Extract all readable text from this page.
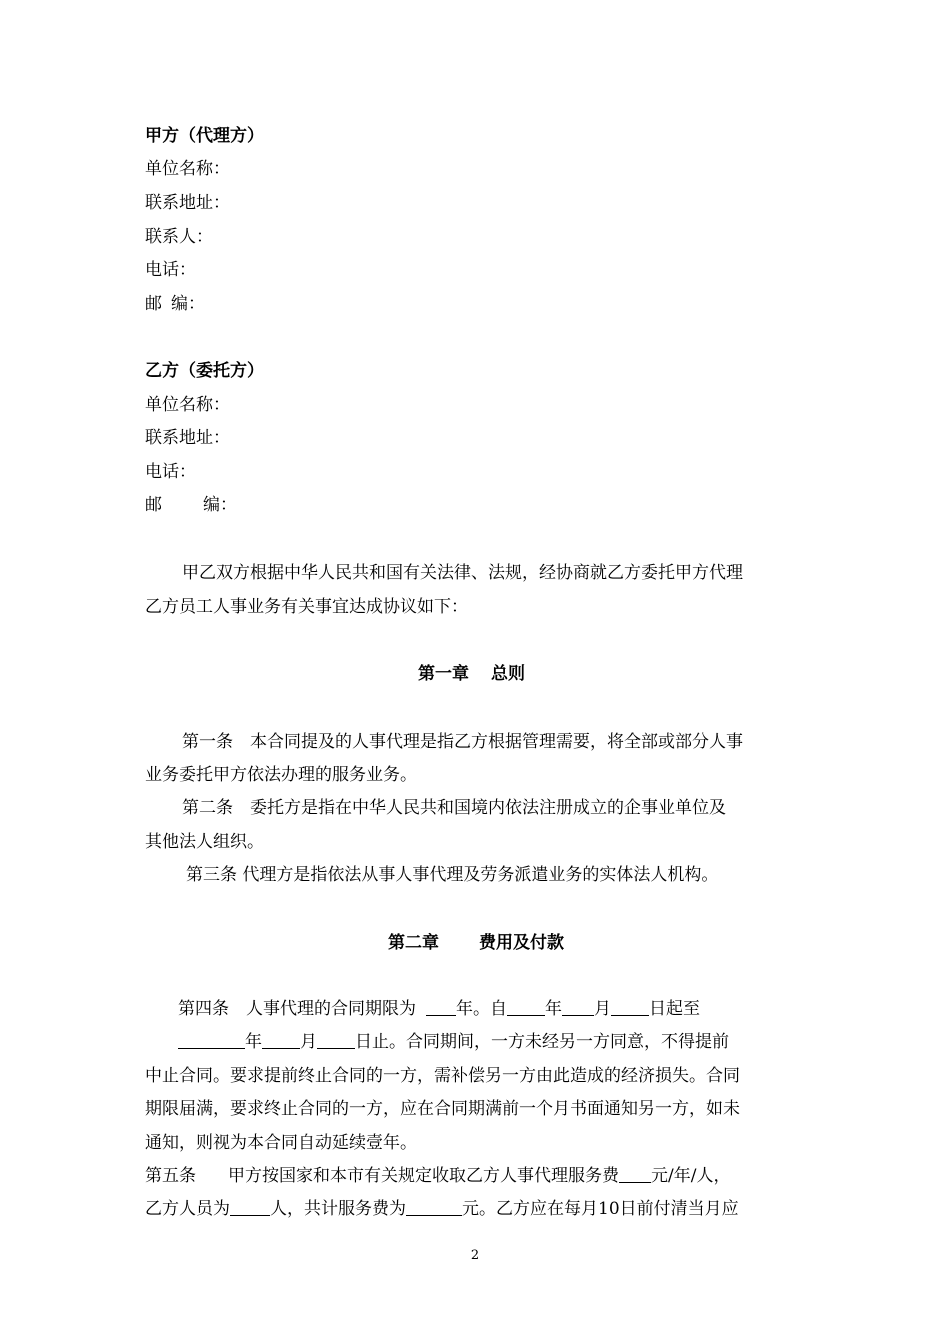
甲方（代理方）
单位名称：
联系地址：
联系人：
电话：
邮 编：
乙方（委托方）
单位名称：
联系地址：
电话：
邮 编：
甲乙双方根据中华人民共和国有关法律、法规，经协商就乙方委托甲方代理
乙方员工人事业务有关事宜达成协议如下：
第一章 总则
第一条　本合同提及的人事代理是指乙方根据管理需要，将全部或部分人事
业务委托甲方依法办理的服务业务。
第二条　委托方是指在中华人民共和国境内依法注册成立的企事业单位及
其他法人组织。
第三条 代理方是指依法从事人事代理及劳务派遣业务的实体法人机构。
第二章 费用及付款
第四条 人事代理的合同期限为 年。自 年 月 日起至
年 月 日止。合同期间，一方未经另一方同意，不得提前
中止合同。要求提前终止合同的一方，需补偿另一方由此造成的经济损失。合同
期限届满，要求终止合同的一方，应在合同期满前一个月书面通知另一方，如未
通知，则视为本合同自动延续壹年。
第五条 甲方按国家和本市有关规定收取乙方人事代理服务费 元/年/人，
乙方人员为 人，共计服务费为	元。乙方应在每月10日前付清当月应
2
